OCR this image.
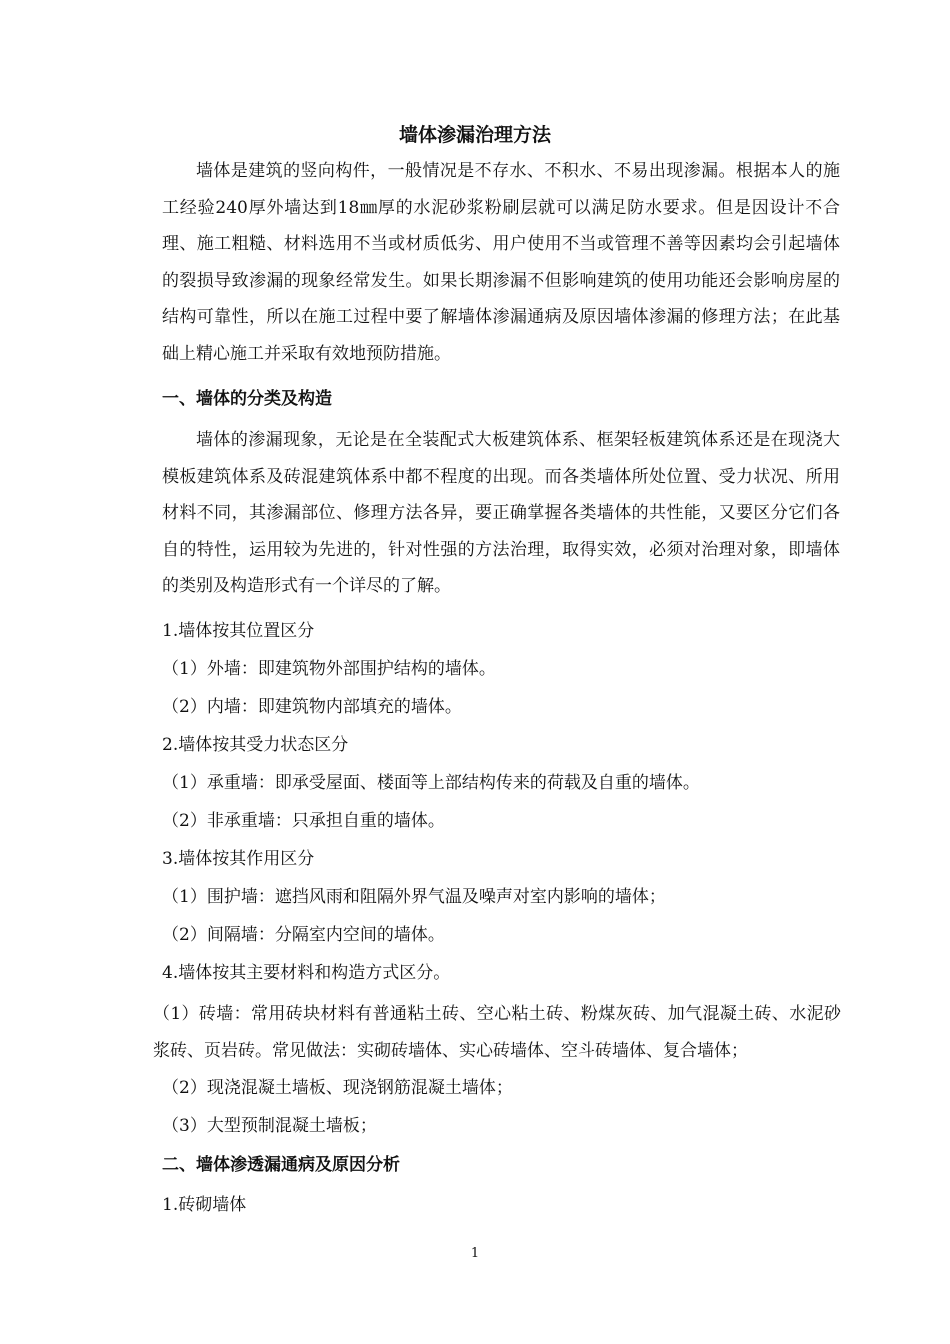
墙体渗漏治理方法

墙体是建筑的竖向构件，一般情况是不存水、不积水、不易出现渗漏。根据本人的施工经验240厚外墙达到18㎜厚的水泥砂浆粉刷层就可以满足防水要求。但是因设计不合理、施工粗糙、材料选用不当或材质低劣、用户使用不当或管理不善等因素均会引起墙体的裂损导致渗漏的现象经常发生。如果长期渗漏不但影响建筑的使用功能还会影响房屋的结构可靠性，所以在施工过程中要了解墙体渗漏通病及原因墙体渗漏的修理方法；在此基础上精心施工并采取有效地预防措施。

一、墙体的分类及构造

墙体的渗漏现象，无论是在全装配式大板建筑体系、框架轻板建筑体系还是在现浇大模板建筑体系及砖混建筑体系中都不程度的出现。而各类墙体所处位置、受力状况、所用材料不同，其渗漏部位、修理方法各异，要正确掌握各类墙体的共性能，又要区分它们各自的特性，运用较为先进的，针对性强的方法治理，取得实效，必须对治理对象，即墙体的类别及构造形式有一个详尽的了解。

1.墙体按其位置区分
（1）外墙：即建筑物外部围护结构的墙体。
（2）内墙：即建筑物内部填充的墙体。
2.墙体按其受力状态区分
（1）承重墙：即承受屋面、楼面等上部结构传来的荷载及自重的墙体。
（2）非承重墙：只承担自重的墙体。
3.墙体按其作用区分
（1）围护墙：遮挡风雨和阻隔外界气温及噪声对室内影响的墙体；
（2）间隔墙：分隔室内空间的墙体。
4.墙体按其主要材料和构造方式区分。
（1）砖墙：常用砖块材料有普通粘土砖、空心粘土砖、粉煤灰砖、加气混凝土砖、水泥砂浆砖、页岩砖。常见做法：实砌砖墙体、实心砖墙体、空斗砖墙体、复合墙体；
（2）现浇混凝土墙板、现浇钢筋混凝土墙体；
（3）大型预制混凝土墙板；
二、墙体渗透漏通病及原因分析
1.砖砌墙体
1
